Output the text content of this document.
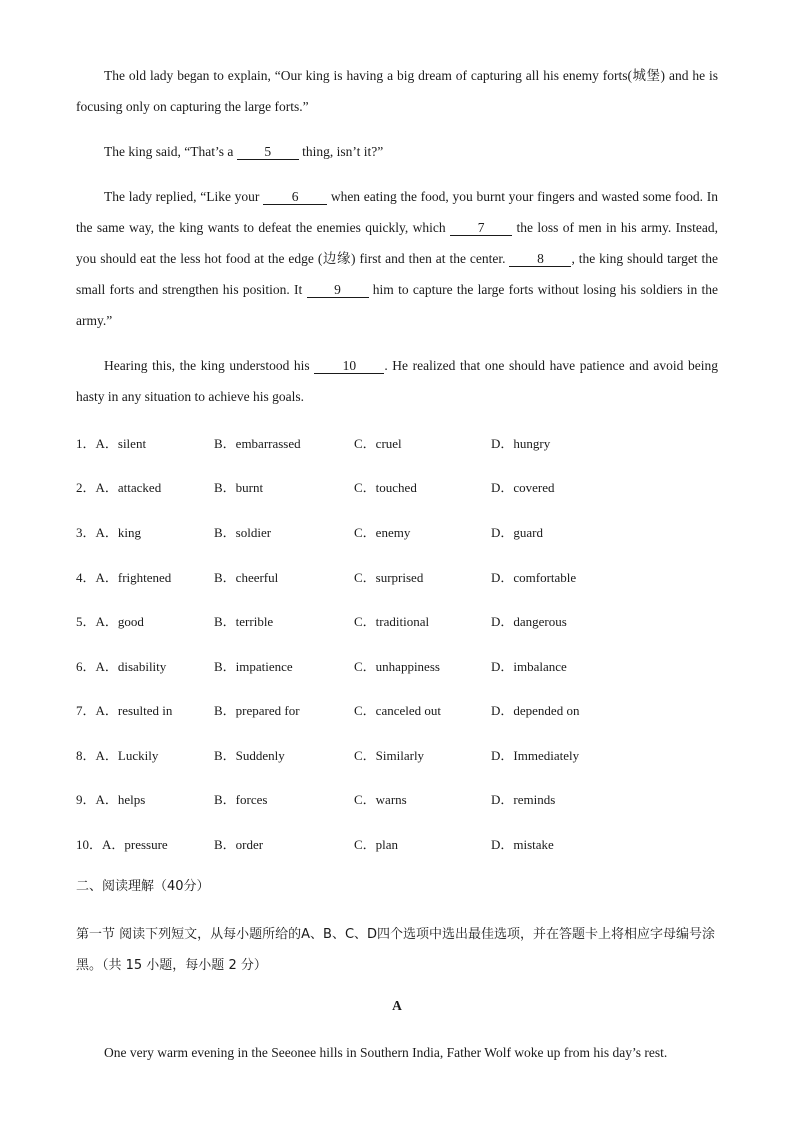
The old lady began to explain, “Our king is having a big dream of capturing all his enemy forts(城堡) and he is focusing only on capturing the large forts.”

The king said, “That’s a 5 thing, isn’t it?”

The lady replied, “Like your 6 when eating the food, you burnt your fingers and wasted some food. In the same way, the king wants to defeat the enemies quickly, which 7 the loss of men in his army. Instead, you should eat the less hot food at the edge (边缘) first and then at the center. 8 , the king should target the small forts and strengthen his position. It 9 him to capture the large forts without losing his soldiers in the army.”

Hearing this, the king understood his 10 . He realized that one should have patience and avoid being hasty in any situation to achieve his goals.

1．A．silent	B．embarrassed	C．cruel	D．hungry
2．A．attacked	B．burnt	C．touched	D．covered
3．A．king	B．soldier	C．enemy	D．guard
4．A．frightened	B．cheerful	C．surprised	D．comfortable
5．A．good	B．terrible	C．traditional	D．dangerous
6．A．disability	B．impatience	C．unhappiness	D．imbalance
7．A．resulted in	B．prepared for	C．canceled out	D．depended on
8．A．Luckily	B．Suddenly	C．Similarly	D．Immediately
9．A．helps	B．forces	C．warns	D．reminds
10．A．pressure	B．order	C．plan	D．mistake

二、阅读理解（40分）

第一节 阅读下列短文，从每小题所给的A、B、C、D四个选项中选出最佳选项，并在答题卡上将相应字母编号涂黑。（共 15 小题，每小题 2 分）

A

One very warm evening in the Seeonee hills in Southern India, Father Wolf woke up from his day’s rest.
